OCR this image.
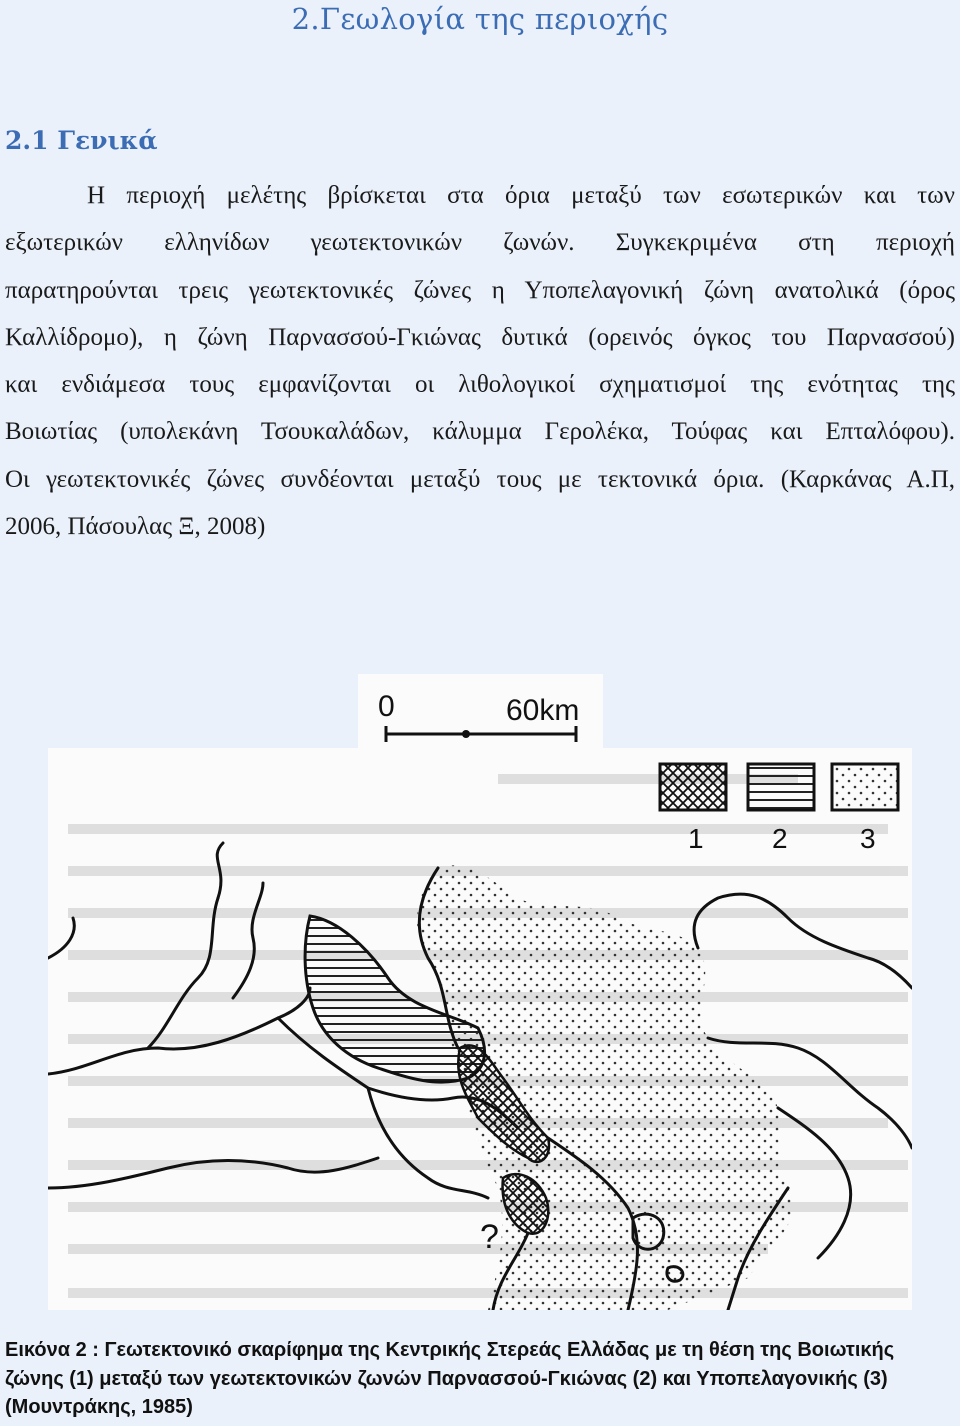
2.Γεωλογία της περιοχής
2.1 Γενικά
Η περιοχή μελέτης βρίσκεται στα όρια μεταξύ των εσωτερικών και των
εξωτερικών ελληνίδων γεωτεκτονικών ζωνών. Συγκεκριμένα στη περιοχή
παρατηρούνται τρεις γεωτεκτονικές ζώνες η Υποπελαγονική ζώνη ανατολικά (όρος
Καλλίδρομο), η ζώνη Παρνασσού-Γκιώνας δυτικά (ορεινός όγκος του Παρνασσού)
και ενδιάμεσα τους εμφανίζονται οι λιθολογικοί σχηματισμοί της ενότητας της
Βοιωτίας (υπολεκάνη Τσουκαλάδων, κάλυμμα Γερολέκα, Τούφας και Επταλόφου).
Οι γεωτεκτονικές ζώνες συνδέονται μεταξύ τους με τεκτονικά όρια. (Καρκάνας Α.Π,
2006, Πάσουλας Ξ, 2008)
0	60km
1 2	3
?
Εικόνα 2 : Γεωτεκτονικό σκαρίφημα της Κεντρικής Στερεάς Ελλάδας με τη θέση της Βοιωτικής
ζώνης (1) μεταξύ των γεωτεκτονικών ζωνών Παρνασσού-Γκιώνας (2) και Υποπελαγονικής (3)
(Μουντράκης, 1985)
